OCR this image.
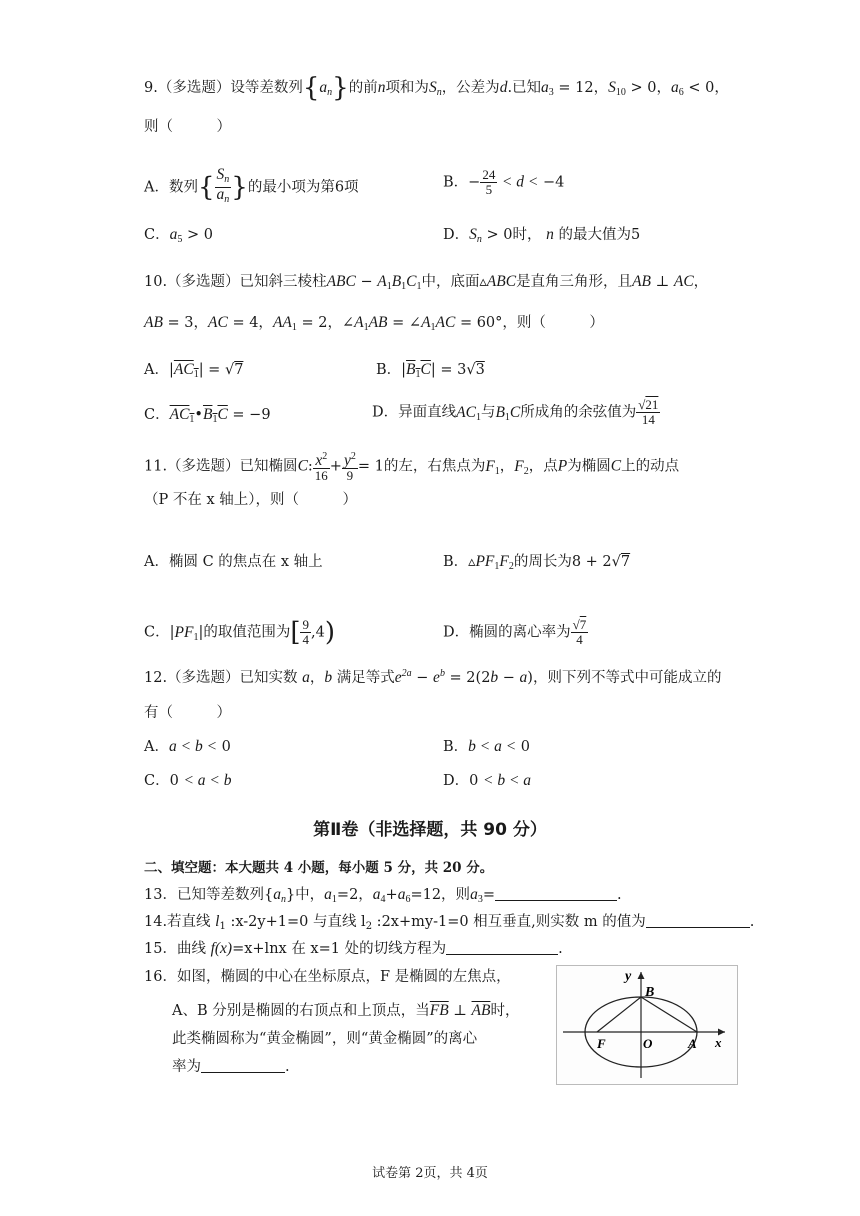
9.（多选题）设等差数列$\{a_n\}$的前n项和为$S_n$，公差为d.已知$a_3 = 12$，$S_{10} > 0$，$a_6 < 0$，
则（　　　）
A．数列{ $\frac{S_n}{a_n}$ }的最小项为第6项	B．− $\frac{24}{5} < d < -4$
C．$a_5 > 0$	D．$S_n > 0$时， n 的最大值为5
10.（多选题）已知斜三棱柱ABC − $A_1B_1C_1$中，底面▵ABC是直角三角形，且AB ⊥ AC，
AB = 3，AC = 4，$AA_1 = 2$，$\angle A_1AB$ = $\angle A_1AC = 60^\circ$，则（　　　）
A．$|AC_1| = √7$	B．$|B_1C| = 3√3$
C．$AC_1•B_1C = -9$	D．异面直线$AC_1$与$B_1C$所成角的余弦值为 $\frac{√21}{14}$
11.（多选题）已知椭圆C: $\frac{x^2}{16} + \frac{y^2}{9} = 1$的左，右焦点为$F_1$，$F_2$，点P为椭圆C上的动点
（P 不在 x 轴上），则（　　　）
A．椭圆 C 的焦点在 x 轴上	B．$▵PF_1F_2$的周长为8 + 2√7
C．$|PF_1|$的取值范围为[ $\frac{9}{4} ,4$)	D．椭圆的离心率为 $\frac{√7}{4}$
12.（多选题）已知实数 a，b 满足等式$e^{2a} - e^b = 2(2b - a)$，则下列不等式中可能成立的
有（　　　）
A．a < b < 0	B．b < a < 0
C．0 < a < b	D．0 < b < a
第Ⅱ卷（非选择题，共 90 分）
二、填空题：本大题共 4 小题，每小题 5 分，共 20 分。
13．已知等差数列$\{a_n\}$中，$a_1=2$，$a_4+a_6=12$，则$a_3=$	.
14.若直线 $l_1$ :x-2y+1=0 与直线 $l_2$ :2x+my-1=0 相互垂直,则实数 m 的值为	.
15．曲线 f(x)=x+lnx 在 x=1 处的切线方程为	.
16．如图，椭圆的中心在坐标原点，F 是椭圆的左焦点，
A、B 分别是椭圆的右顶点和上顶点，当$\overline{FB}$ ⊥ $\overline{AB}$时，
此类椭圆称为“黄金椭圆”，则“黄金椭圆”的离心
率为	.
y
B
x
F	O	A
试卷第 2页，共 4页
